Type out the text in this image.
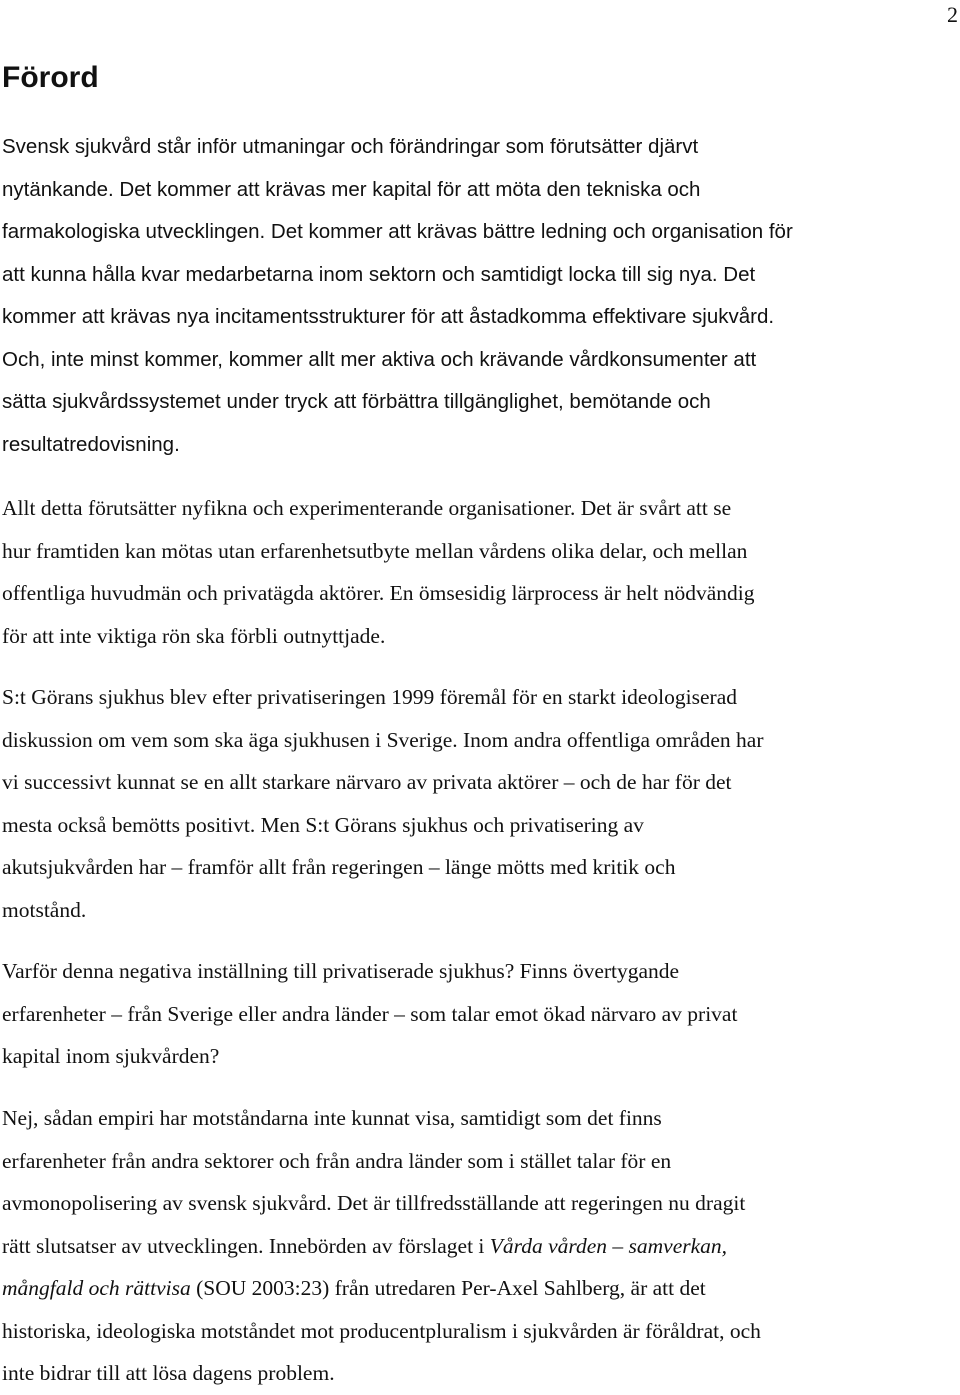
2
Förord
Svensk sjukvård står inför utmaningar och förändringar som förutsätter djärvt
nytänkande. Det kommer att krävas mer kapital för att möta den tekniska och
farmakologiska utvecklingen. Det kommer att krävas bättre ledning och organisation för
att kunna hålla kvar medarbetarna inom sektorn och samtidigt locka till sig nya. Det
kommer att krävas nya incitamentsstrukturer för att åstadkomma effektivare sjukvård.
Och, inte minst kommer, kommer allt mer aktiva och krävande vårdkonsumenter att
sätta sjukvårdssystemet under tryck att förbättra tillgänglighet, bemötande och
resultatredovisning.
Allt detta förutsätter nyfikna och experimenterande organisationer. Det är svårt att se
hur framtiden kan mötas utan erfarenhetsutbyte mellan vårdens olika delar, och mellan
offentliga huvudmän och privatägda aktörer. En ömsesidig lärprocess är helt nödvändig
för att inte viktiga rön ska förbli outnyttjade.
S:t Görans sjukhus blev efter privatiseringen 1999 föremål för en starkt ideologiserad
diskussion om vem som ska äga sjukhusen i Sverige. Inom andra offentliga områden har
vi successivt kunnat se en allt starkare närvaro av privata aktörer – och de har för det
mesta också bemötts positivt. Men S:t Görans sjukhus och privatisering av
akutsjukvården har – framför allt från regeringen – länge mötts med kritik och
motstånd.
Varför denna negativa inställning till privatiserade sjukhus? Finns övertygande
erfarenheter – från Sverige eller andra länder – som talar emot ökad närvaro av privat
kapital inom sjukvården?
Nej, sådan empiri har motståndarna inte kunnat visa, samtidigt som det finns
erfarenheter från andra sektorer och från andra länder som i stället talar för en
avmonopolisering av svensk sjukvård. Det är tillfredsställande att regeringen nu dragit
rätt slutsatser av utvecklingen. Innebörden av förslaget i Vårda vården – samverkan,
mångfald och rättvisa (SOU 2003:23) från utredaren Per-Axel Sahlberg, är att det
historiska, ideologiska motståndet mot producentpluralism i sjukvården är föråldrat, och
inte bidrar till att lösa dagens problem.
